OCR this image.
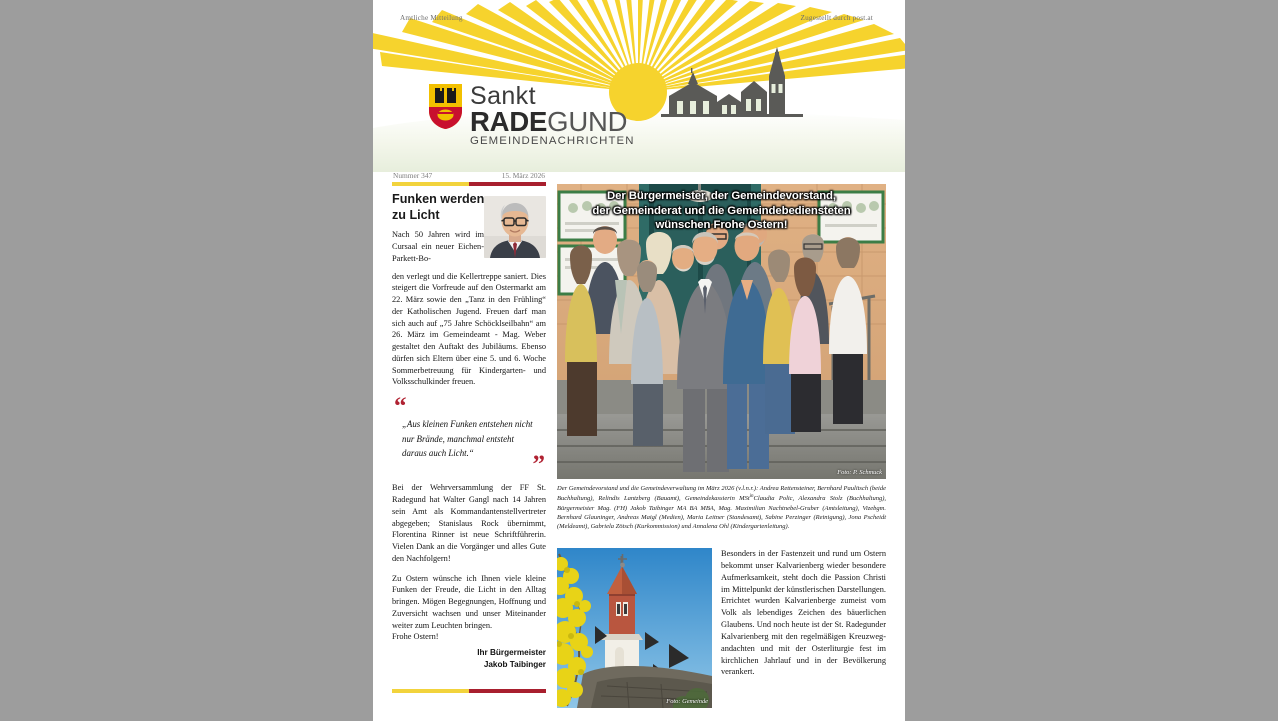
Amtliche Mitteilung	Zugestellt durch post.at
Sankt
RADEGUND
GEMEINDENACHRICHTEN
Nummer 347	15. März 2026
Funken werden zu Licht

Nach 50 Jahren wird im Cursaal ein neuer Eichen-Parkett-Bo-

den verlegt und die Kellertreppe saniert. Dies steigert die Vorfreude auf den Ostermarkt am 22. März sowie den „Tanz in den Frühling“ der Katholischen Jugend. Freuen darf man sich auch auf „75 Jahre Schöcklseilbahn“ am 26. März im Gemeindeamt - Mag. Weber gestaltet den Auftakt des Jubiläums. Ebenso dürfen sich Eltern über eine 5. und 6. Woche Sommerbetreuung für Kindergarten- und Volksschulkinder freuen.

“
„Aus kleinen Funken entstehen nicht nur Brände, manchmal entsteht daraus auch Licht.“	”

Bei der Wehrversammlung der FF St. Radegund hat Walter Gangl nach 14 Jahren sein Amt als Kommandantenstellvertreter abgegeben; Stanislaus Rock übernimmt, Florentina Rinner ist neue Schriftführerin. Vielen Dank an die Vorgänger und alles Gute den Nachfolgern!

Zu Ostern wünsche ich Ihnen viele kleine Funken der Freude, die Licht in den Alltag bringen. Mögen Begegnungen, Hoffnung und Zuversicht wachsen und unser Miteinander weiter zum Leuchten bringen.

Frohe Ostern!

Ihr Bürgermeister
Jakob Taibinger
Der Bürgermeister, der Gemeindevorstand,
der Gemeinderat und die Gemeindebediensteten
wünschen Frohe Ostern!
Foto: P. Schmuck

Der Gemeindevorstand und die Gemeindeverwaltung im März 2026 (v.l.n.r.): Andrea Rettensteiner, Bernhard Paulitsch (beide Buchhaltung), Relindis Lantzberg (Bauamt), Gemeindekassierin MSt$^{in}$Claudia Polic, Alexandra Stolz (Buchhaltung), Bürgermeister Mag. (FH) Jakob Taibinger MA BA MBA, Mag. Maximilian Nachtnebel-Gruber (Amtsleitung), Vizebgm. Bernhard Glauninger, Andreas Maigl (Medien), Maria Leitner (Standesamt), Sabine Perzinger (Reinigung), Jona Pscheidt (Meldeamt), Gabriela Zötsch (Kurkommission) und Annalena Ohl (Kindergartenleitung).

Foto: Gemeinde

Besonders in der Fastenzeit und rund um Ostern bekommt unser Kalvarienberg wieder besondere Aufmerksamkeit, steht doch die Passion Christi im Mittelpunkt der künstlerischen Darstellungen. Errichtet wurden Kalvarienberge zumeist vom Volk als lebendiges Zeichen des bäuerlichen Glaubens. Und noch heute ist der St. Radegunder Kalvarienberg mit den regelmäßigen Kreuzweg-andachten und mit der Osterliturgie fest im kirchlichen Jahrlauf und in der Bevölkerung verankert.
